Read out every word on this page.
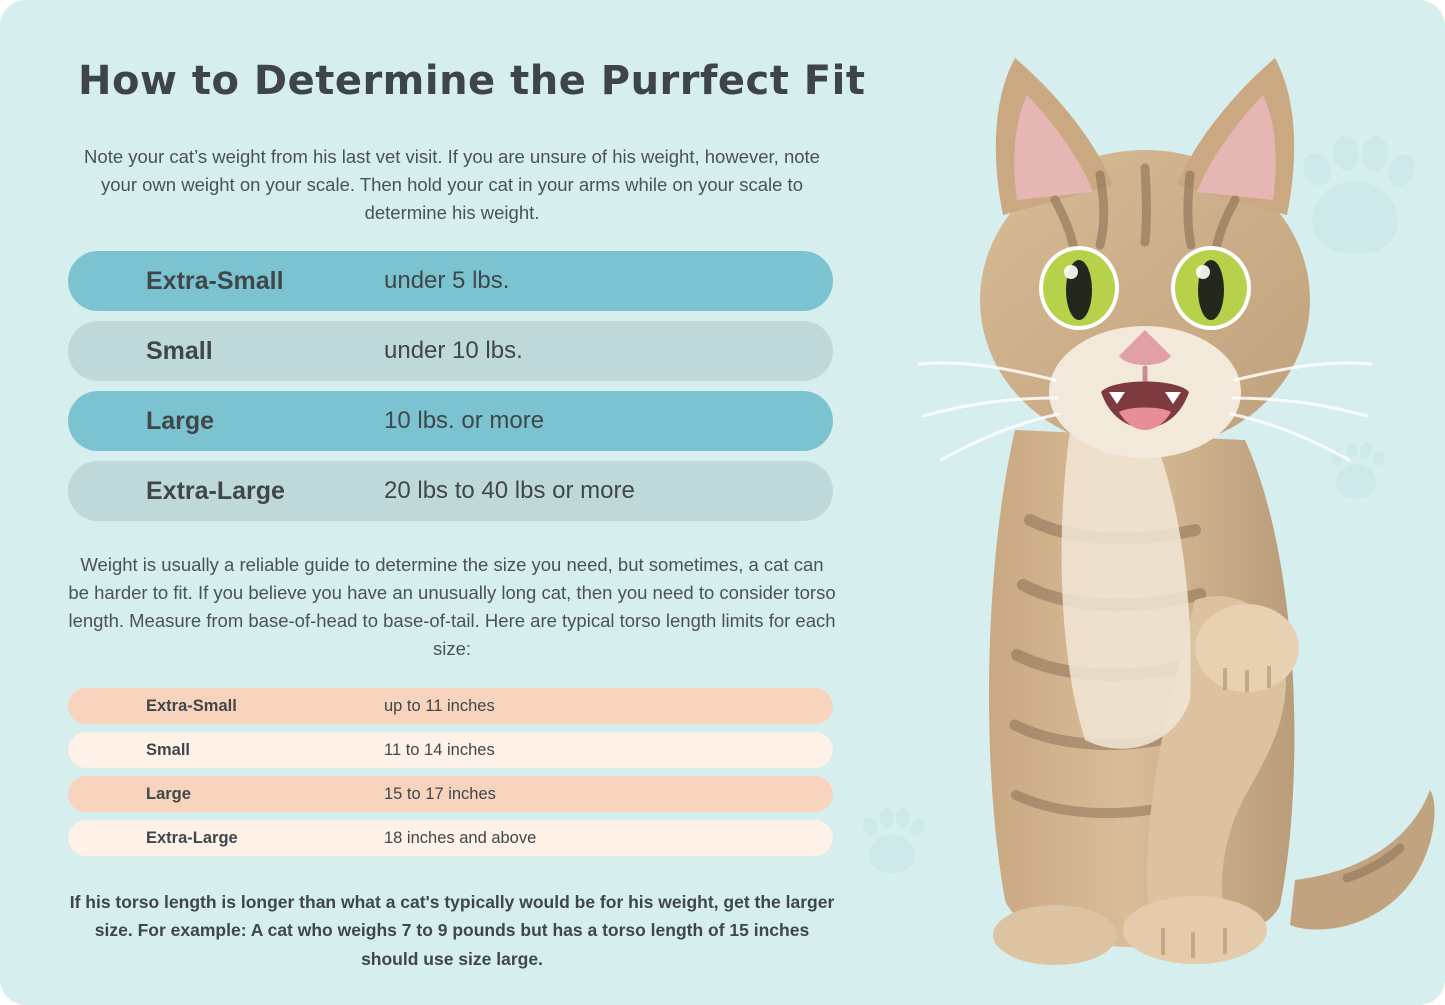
How to Determine the Purrfect Fit
Note your cat’s weight from his last vet visit. If you are unsure of his weight, however, note your own weight on your scale. Then hold your cat in your arms while on your scale to determine his weight.
Extra-Small	under 5 lbs.
Small	under 10 lbs.
Large	10 lbs. or more
Extra-Large	20 lbs to 40 lbs or more
Weight is usually a reliable guide to determine the size you need, but sometimes, a cat can be harder to fit. If you believe you have an unusually long cat, then you need to consider torso length. Measure from base-of-head to base-of-tail. Here are typical torso length limits for each size:
Extra-Small	up to 11 inches
Small	11 to 14 inches
Large	15 to 17 inches
Extra-Large	18 inches and above
If his torso length is longer than what a cat's typically would be for his weight, get the larger size. For example: A cat who weighs 7 to 9 pounds but has a torso length of 15 inches should use size large.
